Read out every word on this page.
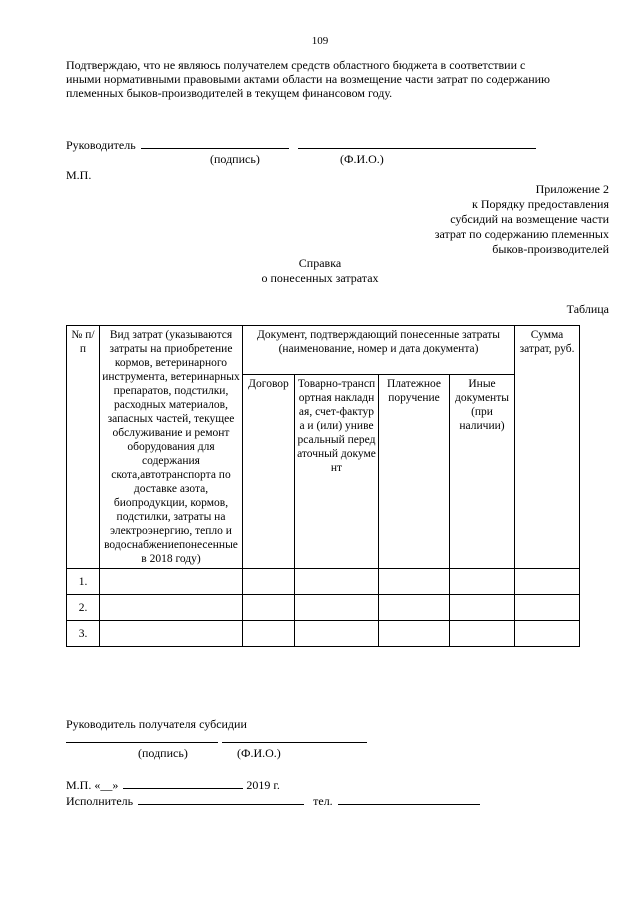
109
Подтверждаю, что не являюсь получателем средств областного бюджета в соответствии с
иными нормативными правовыми актами области на возмещение части затрат по содержанию
племенных быков-производителей в текущем финансовом году.
Руководитель
(подпись)	(Ф.И.О.)
М.П.
Приложение 2
к Порядку предоставления
субсидий на возмещение части
затрат по содержанию племенных
быков-производителей
Справка
о понесенных затратах
Таблица
№ п/п	Вид затрат (указываются затраты на приобретение кормов, ветеринарного инструмента, ветеринарных препаратов, подстилки, расходных материалов, запасных частей, текущее обслуживание и ремонт оборудования для содержания скота,автотранспорта по доставке азота, биопродукции, кормов, подстилки, затраты на электроэнергию, тепло и водоснабжениепонесенные в 2018 году)	Документ, подтверждающий понесенные затраты (наименование, номер и дата документа)				Сумма затрат, руб.
		Договор	Товарно-транспортная накладная, счет-фактура и (или) универсальный передаточный документ	Платежное поручение	Иные документы (при наличии)	
1.						
2.						
3.						
Руководитель получателя субсидии
(подпись)	(Ф.И.О.)
М.П. «__»	2019 г.
Исполнитель	тел.
